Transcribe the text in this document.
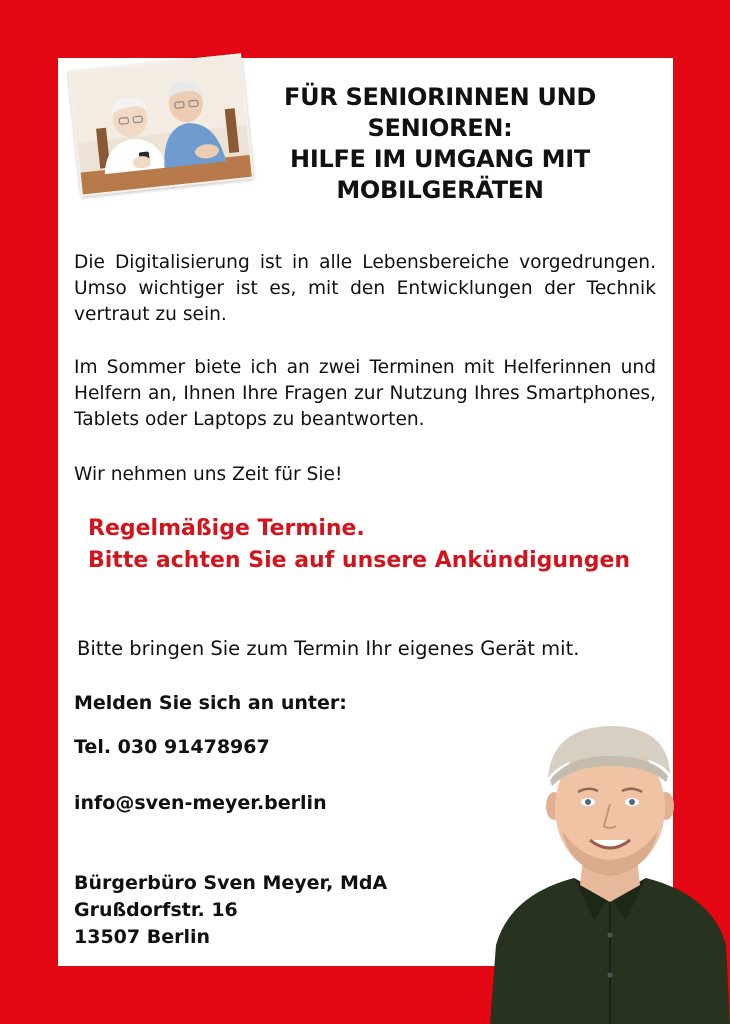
FÜR SENIORINNEN UND
SENIOREN:
HILFE IM UMGANG MIT
MOBILGERÄTEN

Die Digitalisierung ist in alle Lebensbereiche vorgedrungen. Umso wichtiger ist es, mit den Entwicklungen der Technik vertraut zu sein.

Im Sommer biete ich an zwei Terminen mit Helferinnen und Helfern an, Ihnen Ihre Fragen zur Nutzung Ihres Smartphones, Tablets oder Laptops zu beantworten.

Wir nehmen uns Zeit für Sie!

Regelmäßige Termine.
Bitte achten Sie auf unsere Ankündigungen
Bitte bringen Sie zum Termin Ihr eigenes Gerät mit.
Melden Sie sich an unter:
Tel. 030 91478967
info@sven-meyer.berlin
Bürgerbüro Sven Meyer, MdA
Grußdorfstr. 16
13507 Berlin
